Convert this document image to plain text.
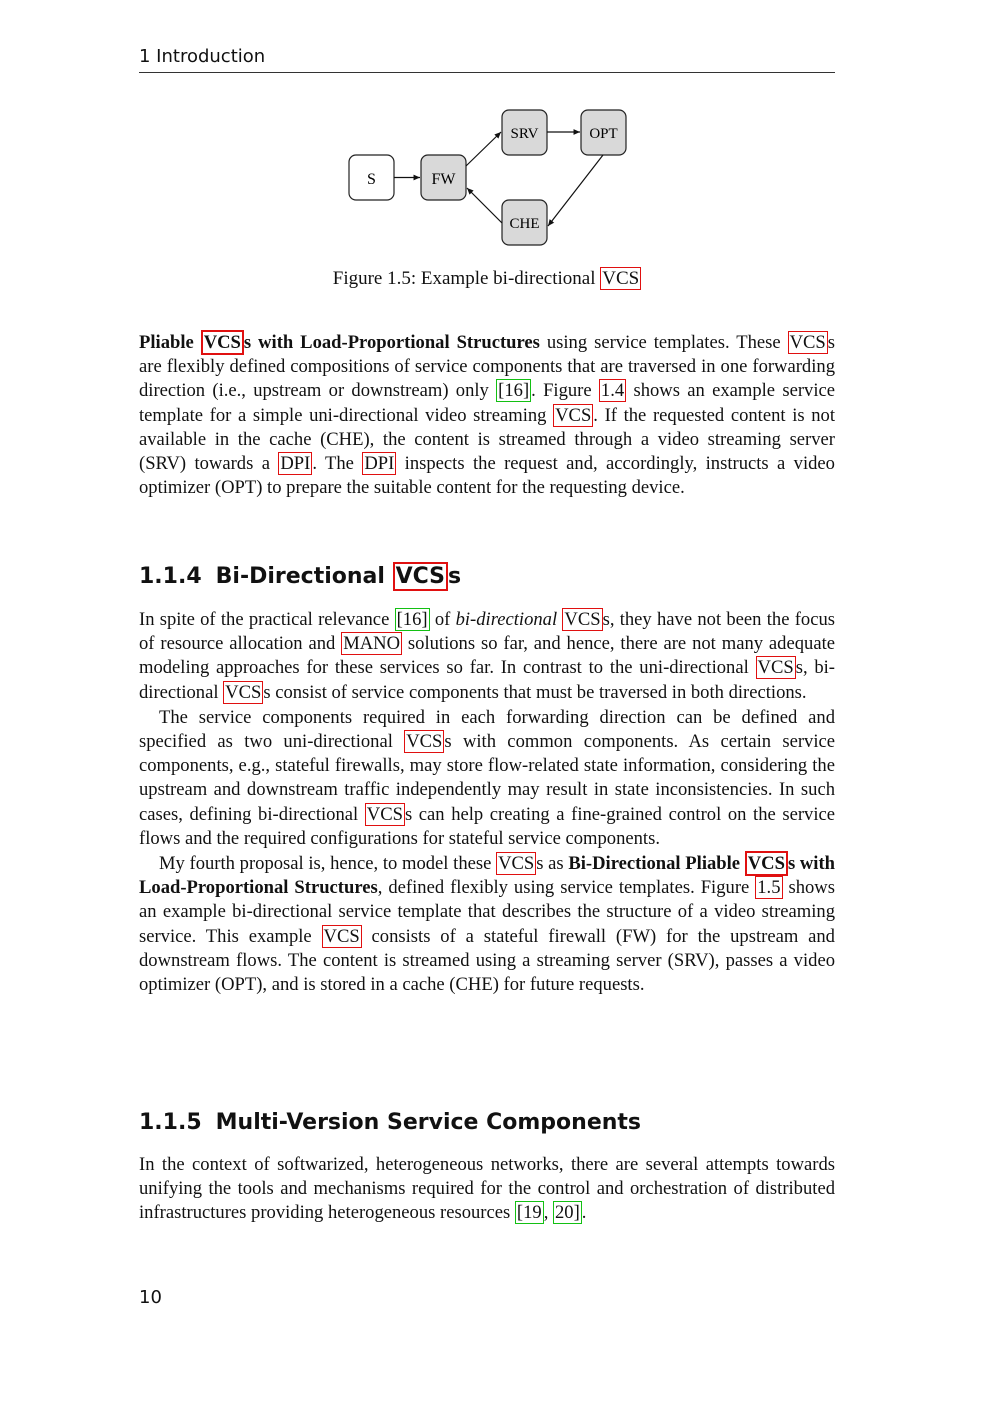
1 Introduction
S	FW
SRV	OPT
CHE
Figure 1.5: Example bi-directional VCS

Pliable VCS s with Load-Proportional Structures using service templates. These VCS s are flexibly defined compositions of service components that are traversed in one forwarding direction (i.e., upstream or downstream) only [16] . Figure 1.4 shows an example service template for a simple uni-directional video streaming VCS . If the requested content is not available in the cache (CHE), the content is streamed through a video streaming server (SRV) towards a DPI . The DPI inspects the request and, accordingly, instructs a video optimizer (OPT) to prepare the suitable content for the requesting device.

1.1.4 Bi-Directional VCS s

In spite of the practical relevance [16] of bi-directional VCS s, they have not been the focus of resource allocation and MANO solutions so far, and hence, there are not many adequate modeling approaches for these services so far. In contrast to the uni-directional VCS s, bi-directional VCS s consist of service components that must be traversed in both directions.

The service components required in each forwarding direction can be defined and specified as two uni-directional VCS s with common components. As certain service components, e.g., stateful firewalls, may store flow-related state information, considering the upstream and downstream traffic independently may result in state inconsistencies. In such cases, defining bi-directional VCS s can help creating a fine-grained control on the service flows and the required configurations for stateful service components.

My fourth proposal is, hence, to model these VCS s as Bi-Directional Pliable VCS s with Load-Proportional Structures, defined flexibly using service templates. Figure 1.5 shows an example bi-directional service template that describes the structure of a video streaming service. This example VCS consists of a stateful firewall (FW) for the upstream and downstream flows. The content is streamed using a streaming server (SRV), passes a video optimizer (OPT), and is stored in a cache (CHE) for future requests.

1.1.5 Multi-Version Service Components

In the context of softwarized, heterogeneous networks, there are several attempts towards unifying the tools and mechanisms required for the control and orchestration of distributed infrastructures providing heterogeneous resources [19 , 20] .

10
